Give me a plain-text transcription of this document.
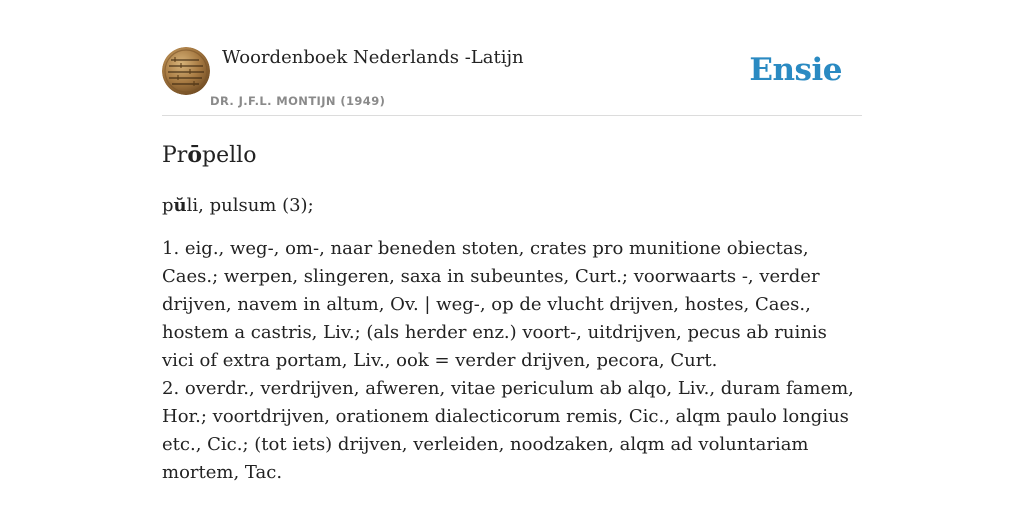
Woordenboek Nederlands -Latijn
DR. J.F.L. MONTIJN (1949)
Ensie
Prōpello
pŭli, pulsum (3);

1. eig., weg-, om-, naar beneden stoten, crates pro munitione obiectas, Caes.; werpen, slingeren, saxa in subeuntes, Curt.; voorwaarts -, verder drijven, navem in altum, Ov. | weg-, op de vlucht drijven, hostes, Caes., hostem a castris, Liv.; (als herder enz.) voort-, uitdrijven, pecus ab ruinis vici of extra portam, Liv., ook = verder drijven, pecora, Curt.

2. overdr., verdrijven, afweren, vitae periculum ab alqo, Liv., duram famem, Hor.; voortdrijven, orationem dialecticorum remis, Cic., alqm paulo longius etc., Cic.; (tot iets) drijven, verleiden, noodzaken, alqm ad voluntariam mortem, Tac.
